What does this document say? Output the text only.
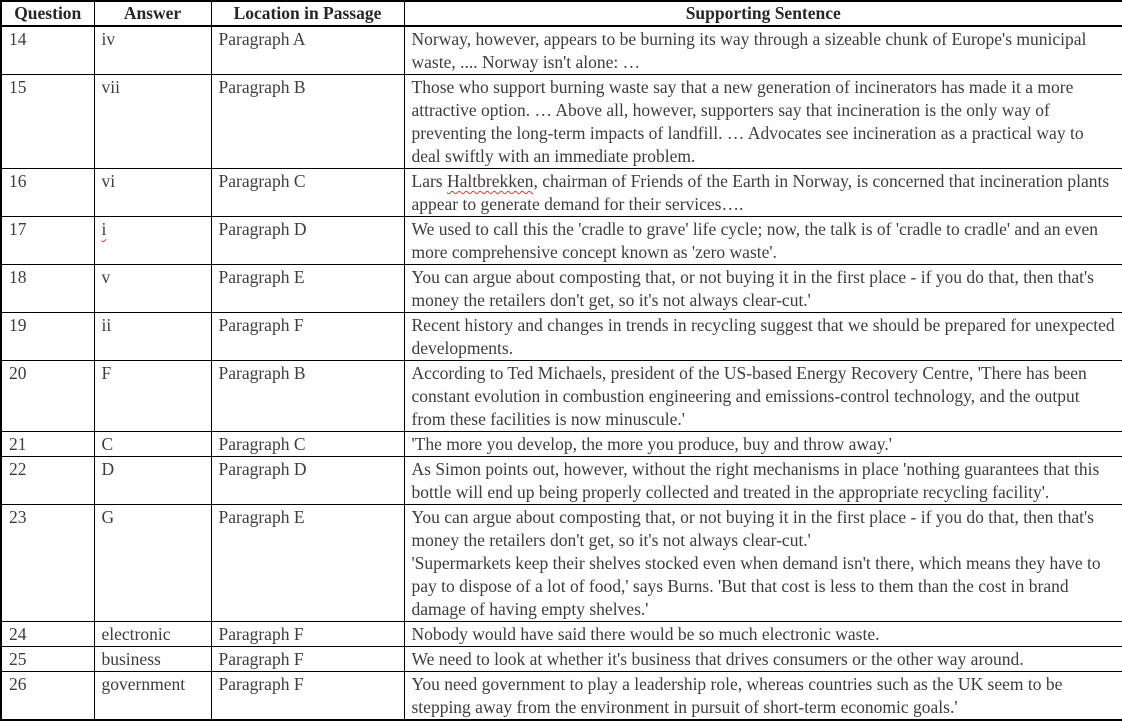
Question	Answer	Location in Passage	Supporting Sentence
14	iv	Paragraph A	Norway, however, appears to be burning its way through a sizeable chunk of Europe's municipal waste, .... Norway isn't alone: …

15	vii	Paragraph B	Those who support burning waste say that a new generation of incinerators has made it a more attractive option. … Above all, however, supporters say that incineration is the only way of preventing the long-term impacts of landfill. … Advocates see incineration as a practical way to deal swiftly with an immediate problem.

16	vi	Paragraph C	Lars Haltbrekken, chairman of Friends of the Earth in Norway, is concerned that incineration plants appear to generate demand for their services….

17	i	Paragraph D	We used to call this the 'cradle to grave' life cycle; now, the talk is of 'cradle to cradle' and an even more comprehensive concept known as 'zero waste'.

18	v	Paragraph E	You can argue about composting that, or not buying it in the first place - if you do that, then that's money the retailers don't get, so it's not always clear-cut.'

19	ii	Paragraph F	Recent history and changes in trends in recycling suggest that we should be prepared for unexpected developments.

20	F	Paragraph B	According to Ted Michaels, president of the US-based Energy Recovery Centre, 'There has been constant evolution in combustion engineering and emissions-control technology, and the output from these facilities is now minuscule.'

21	C	Paragraph C	'The more you develop, the more you produce, buy and throw away.'

22	D	Paragraph D	As Simon points out, however, without the right mechanisms in place 'nothing guarantees that this bottle will end up being properly collected and treated in the appropriate recycling facility'.

23	G	Paragraph E	You can argue about composting that, or not buying it in the first place - if you do that, then that's money the retailers don't get, so it's not always clear-cut.'
'Supermarkets keep their shelves stocked even when demand isn't there, which means they have to pay to dispose of a lot of food,' says Burns. 'But that cost is less to them than the cost in brand damage of having empty shelves.'

24	electronic	Paragraph F	Nobody would have said there would be so much electronic waste.

25	business	Paragraph F	We need to look at whether it's business that drives consumers or the other way around.

26	government	Paragraph F	You need government to play a leadership role, whereas countries such as the UK seem to be stepping away from the environment in pursuit of short-term economic goals.'
